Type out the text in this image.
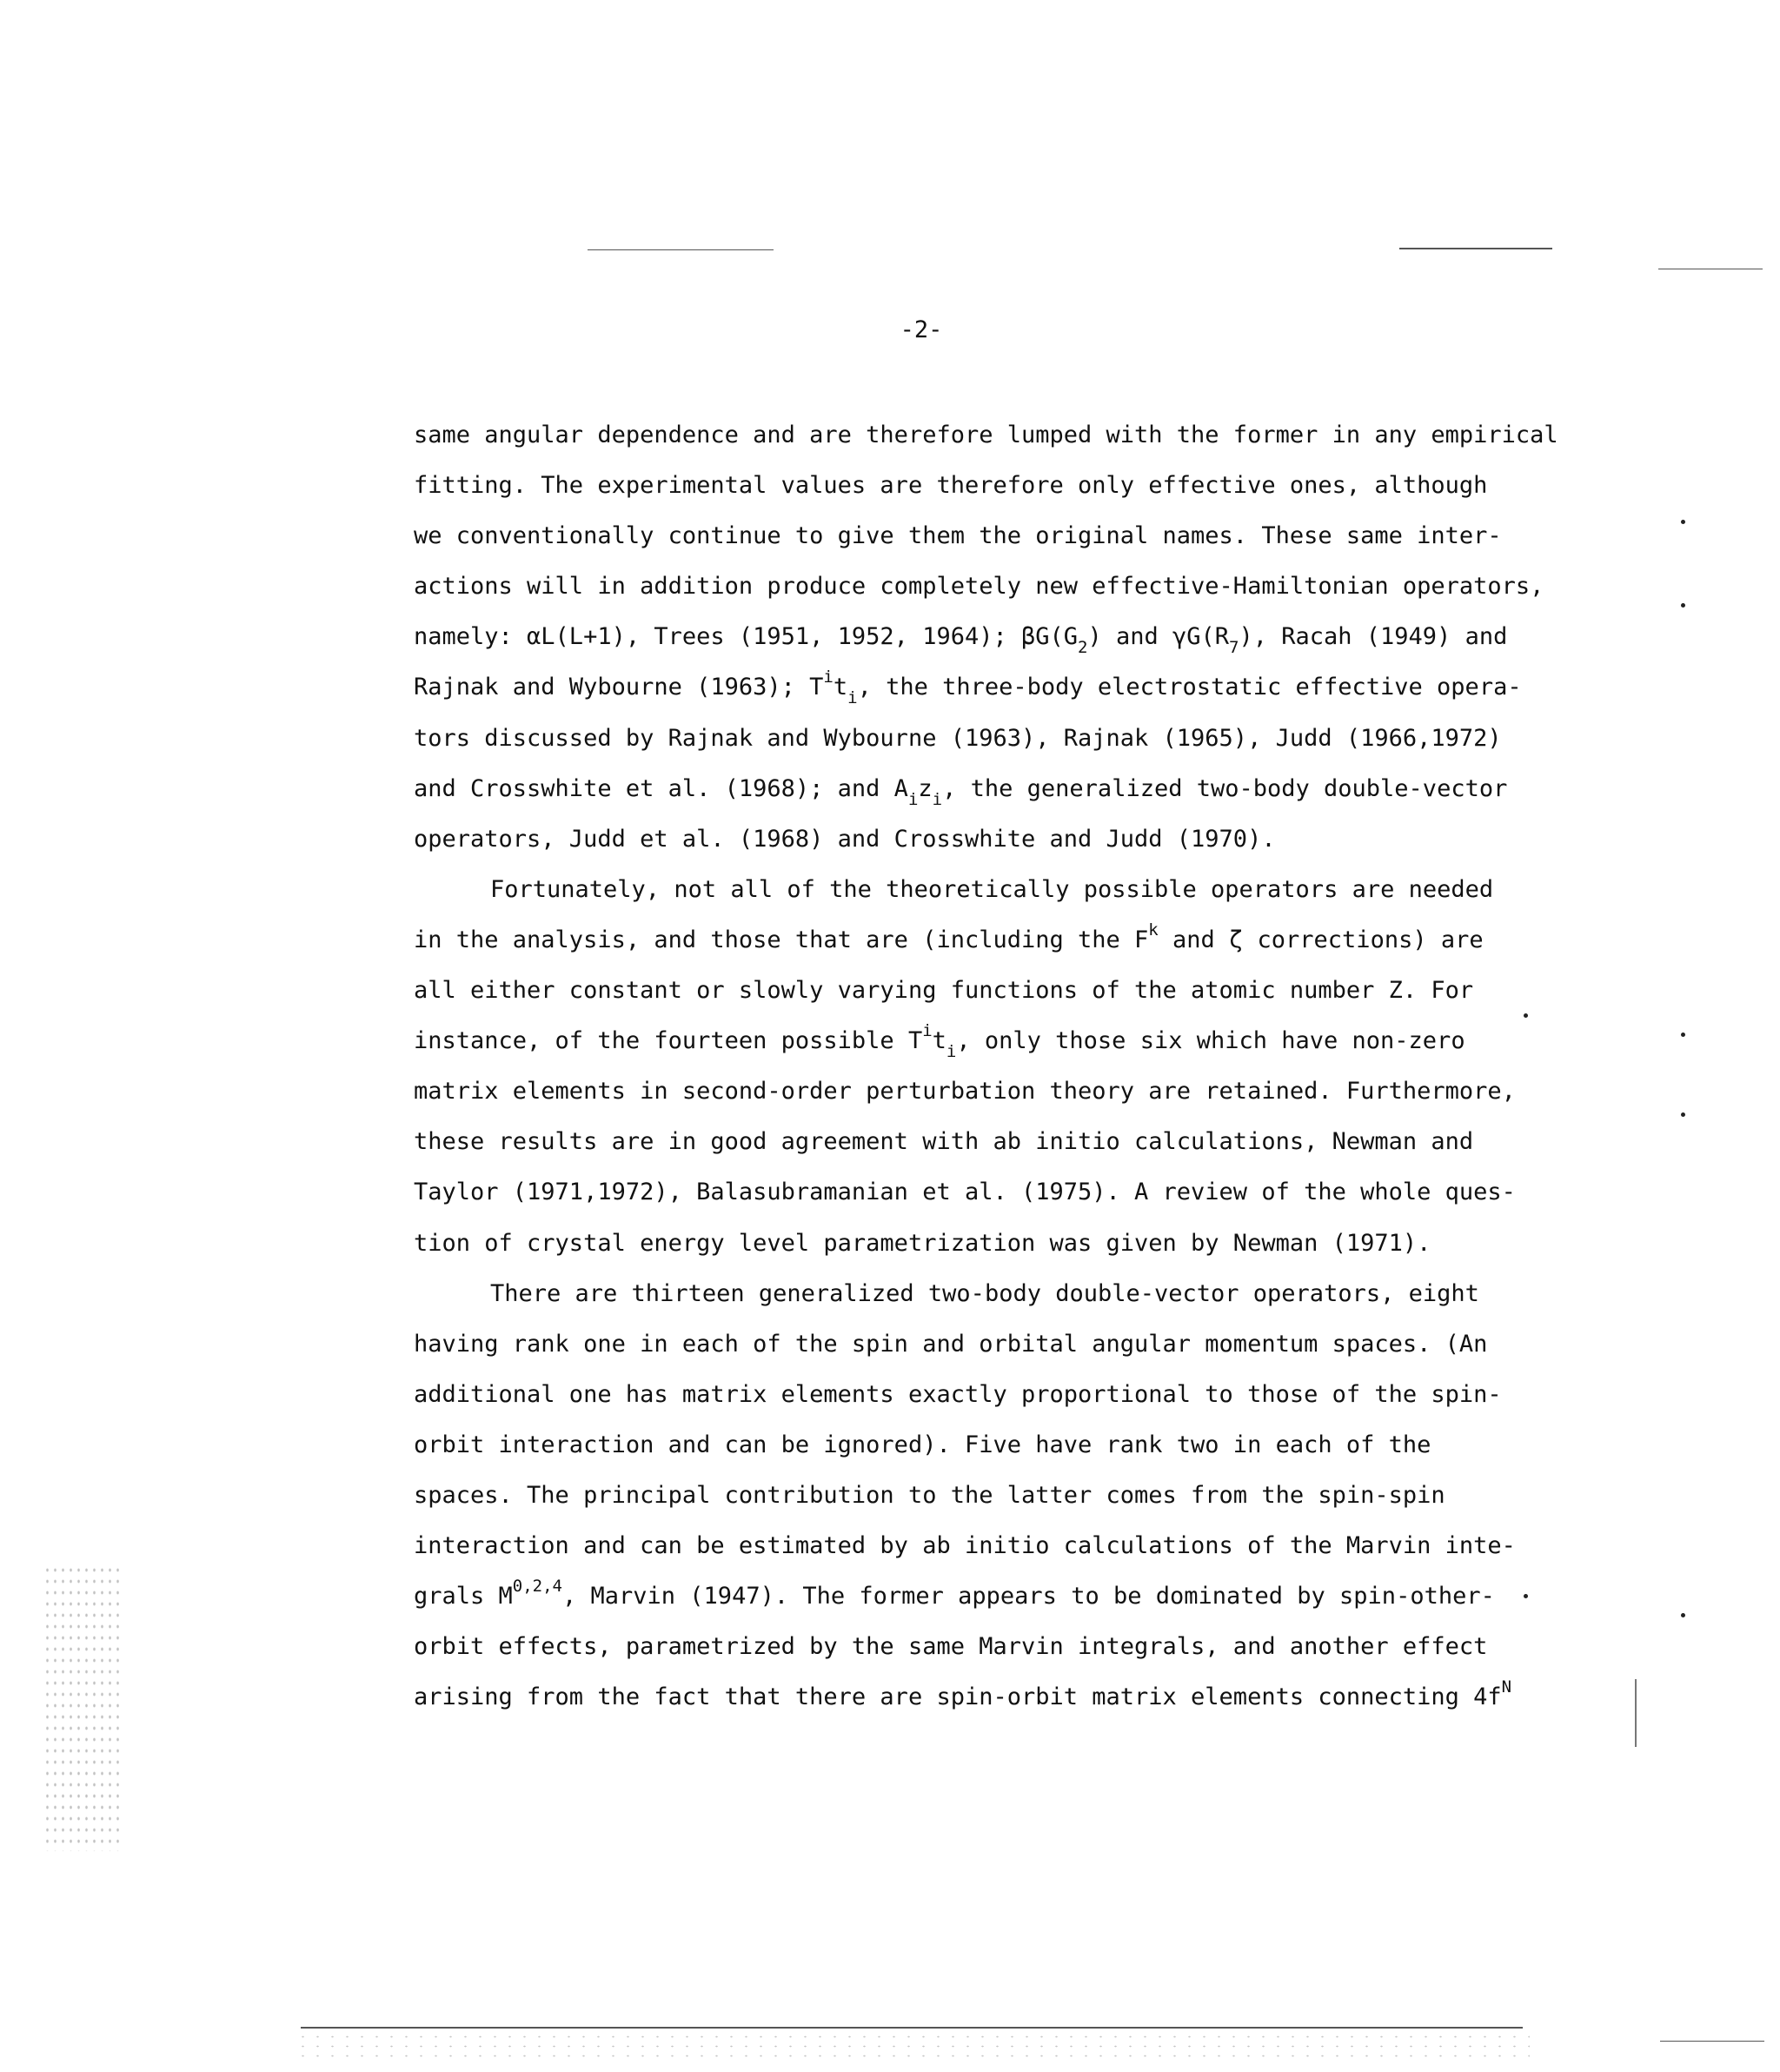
-2-

same angular dependence and are therefore lumped with the former in any empirical

fitting. The experimental values are therefore only effective ones, although

we conventionally continue to give them the original names. These same inter-

actions will in addition produce completely new effective-Hamiltonian operators,

namely: αL(L+1), Trees (1951, 1952, 1964); $\beta G(G_2)$ and $\gamma G(R_7)$, Racah (1949) and

Rajnak and Wybourne (1963); $T^it_i$, the three-body electrostatic effective opera-

tors discussed by Rajnak and Wybourne (1963), Rajnak (1965), Judd (1966,1972)

and Crosswhite et al. (1968); and $A_iz_i$, the generalized two-body double-vector

operators, Judd et al. (1968) and Crosswhite and Judd (1970).

Fortunately, not all of the theoretically possible operators are needed

in the analysis, and those that are (including the $F^k$ and ζ corrections) are

all either constant or slowly varying functions of the atomic number Z. For

instance, of the fourteen possible $T^it_i$, only those six which have non-zero

matrix elements in second-order perturbation theory are retained. Furthermore,

these results are in good agreement with ab initio calculations, Newman and

Taylor (1971,1972), Balasubramanian et al. (1975). A review of the whole ques-

tion of crystal energy level parametrization was given by Newman (1971).

There are thirteen generalized two-body double-vector operators, eight

having rank one in each of the spin and orbital angular momentum spaces. (An

additional one has matrix elements exactly proportional to those of the spin-

orbit interaction and can be ignored). Five have rank two in each of the

spaces. The principal contribution to the latter comes from the spin-spin

interaction and can be estimated by ab initio calculations of the Marvin inte-

grals M$^{0,2,4}$, Marvin (1947). The former appears to be dominated by spin-other-

orbit effects, parametrized by the same Marvin integrals, and another effect

arising from the fact that there are spin-orbit matrix elements connecting $4f^N$
